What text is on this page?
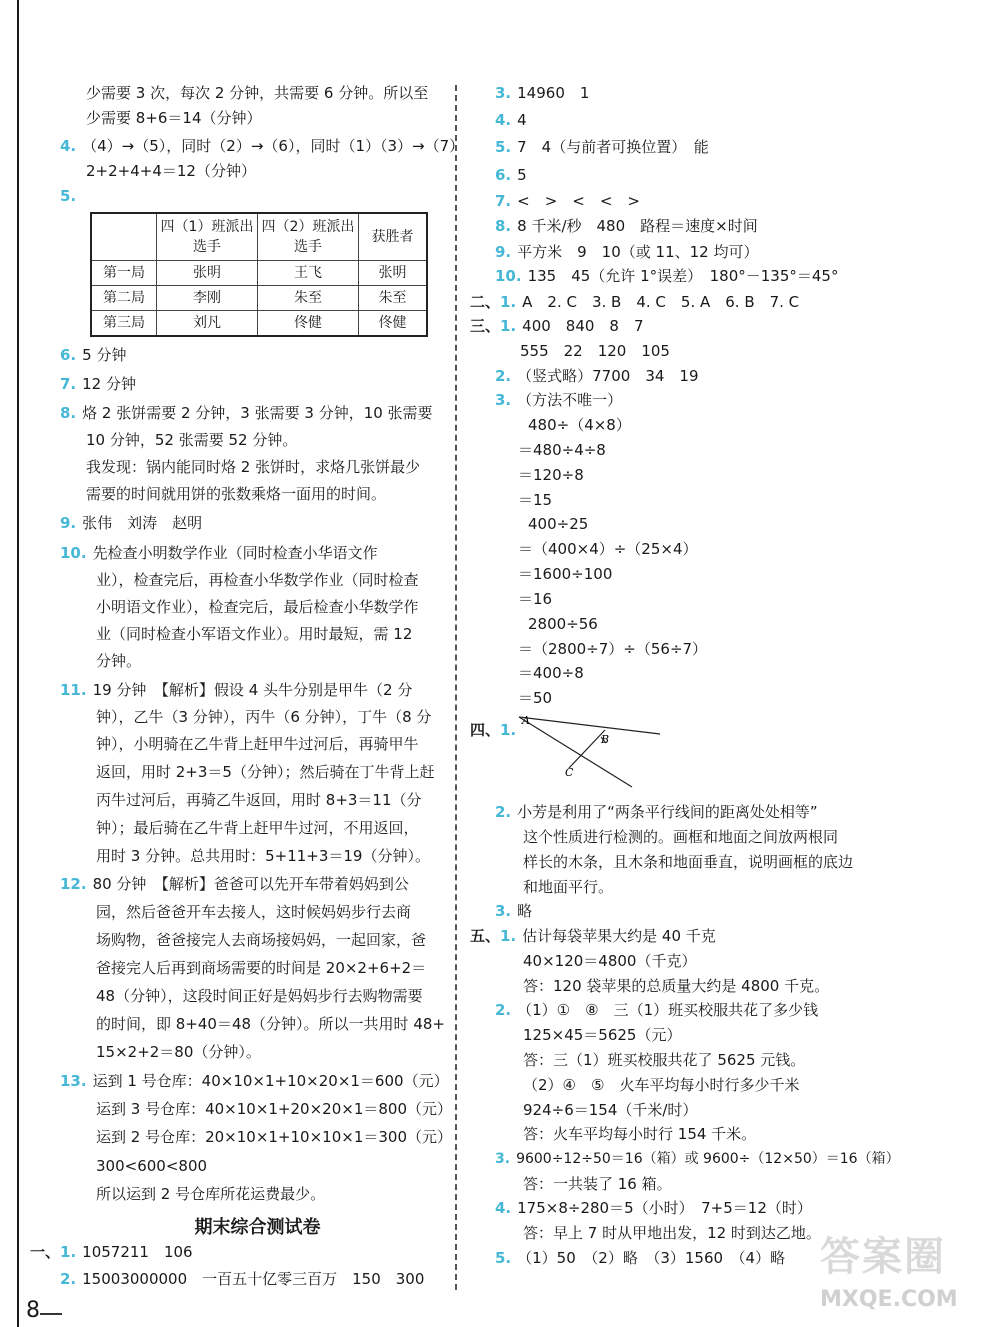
少需要 3 次，每次 2 分钟，共需要 6 分钟。所以至
少需要 8+6＝14（分钟）
4. （4）→（5），同时（2）→（6），同时（1）（3）→（7）
2+2+4+4＝12（分钟）
5.
	四（1）班派出选手	四（2）班派出选手	获胜者
第一局	张明	王飞	张明
第二局	李刚	朱至	朱至
第三局	刘凡	佟健	佟健
6. 5 分钟
7. 12 分钟
8. 烙 2 张饼需要 2 分钟，3 张需要 3 分钟，10 张需要
10 分钟，52 张需要 52 分钟。
我发现：锅内能同时烙 2 张饼时，求烙几张饼最少
需要的时间就用饼的张数乘烙一面用的时间。
9. 张伟　刘涛　赵明
10. 先检查小明数学作业（同时检查小华语文作
业），检查完后，再检查小华数学作业（同时检查
小明语文作业），检查完后，最后检查小华数学作
业（同时检查小军语文作业）。用时最短，需 12
分钟。
11. 19 分钟　【解析】假设 4 头牛分别是甲牛（2 分
钟），乙牛（3 分钟），丙牛（6 分钟），丁牛（8 分
钟），小明骑在乙牛背上赶甲牛过河后，再骑甲牛
返回，用时 2+3＝5（分钟）；然后骑在丁牛背上赶
丙牛过河后，再骑乙牛返回，用时 8+3＝11（分
钟）；最后骑在乙牛背上赶甲牛过河，不用返回，
用时 3 分钟。总共用时：5+11+3＝19（分钟）。
12. 80 分钟　【解析】爸爸可以先开车带着妈妈到公
园，然后爸爸开车去接人，这时候妈妈步行去商
场购物，爸爸接完人去商场接妈妈，一起回家，爸
爸接完人后再到商场需要的时间是 20×2+6+2＝
48（分钟），这段时间正好是妈妈步行去购物需要
的时间，即 8+40＝48（分钟）。所以一共用时 48+
15×2+2＝80（分钟）。
13. 运到 1 号仓库：40×10×1+10×20×1＝600（元）
运到 3 号仓库：40×10×1+20×20×1＝800（元）
运到 2 号仓库：20×10×1+10×10×1＝300（元）
300<600<800
所以运到 2 号仓库所花运费最少。
期末综合测试卷
一、1. 1057211　106
2. 15003000000　一百五十亿零三百万　150　300
3. 14960　1
4. 4
5. 7　4（与前者可换位置）　能
6. 5
7. <　>　<　<　>
8. 8 千米/秒　480　路程＝速度×时间
9. 平方米　9　10（或 11、12 均可）
10. 135　45（允许 1°误差）　180°－135°＝45°
二、1. A　2. C　3. B　4. C　5. A　6. B　7. C
三、1. 400　840　8　7
555　22　120　105
2. （竖式略）7700　34　19
3. （方法不唯一）
480÷（4×8）
＝480÷4÷8
＝120÷8
＝15
400÷25
＝（400×4）÷（25×4）
＝1600÷100
＝16
2800÷56
＝（2800÷7）÷（56÷7）
＝400÷8
＝50
四、1.
A
B
C
2. 小芳是利用了“两条平行线间的距离处处相等”
这个性质进行检测的。画框和地面之间放两根同
样长的木条，且木条和地面垂直，说明画框的底边
和地面平行。
3. 略
五、1. 估计每袋苹果大约是 40 千克
40×120＝4800（千克）
答：120 袋苹果的总质量大约是 4800 千克。
2. （1）①　⑧　三（1）班买校服共花了多少钱
125×45＝5625（元）
答：三（1）班买校服共花了 5625 元钱。
（2）④　⑤　火车平均每小时行多少千米
924÷6＝154（千米/时）
答：火车平均每小时行 154 千米。
3. 9600÷12÷50＝16（箱）或 9600÷（12×50）＝16（箱）
答：一共装了 16 箱。
4. 175×8÷280＝5（小时）　7+5＝12（时）
答：早上 7 时从甲地出发，12 时到达乙地。
5. （1）50　（2）略　（3）1560　（4）略 答案圈
MXQE.COM
8
